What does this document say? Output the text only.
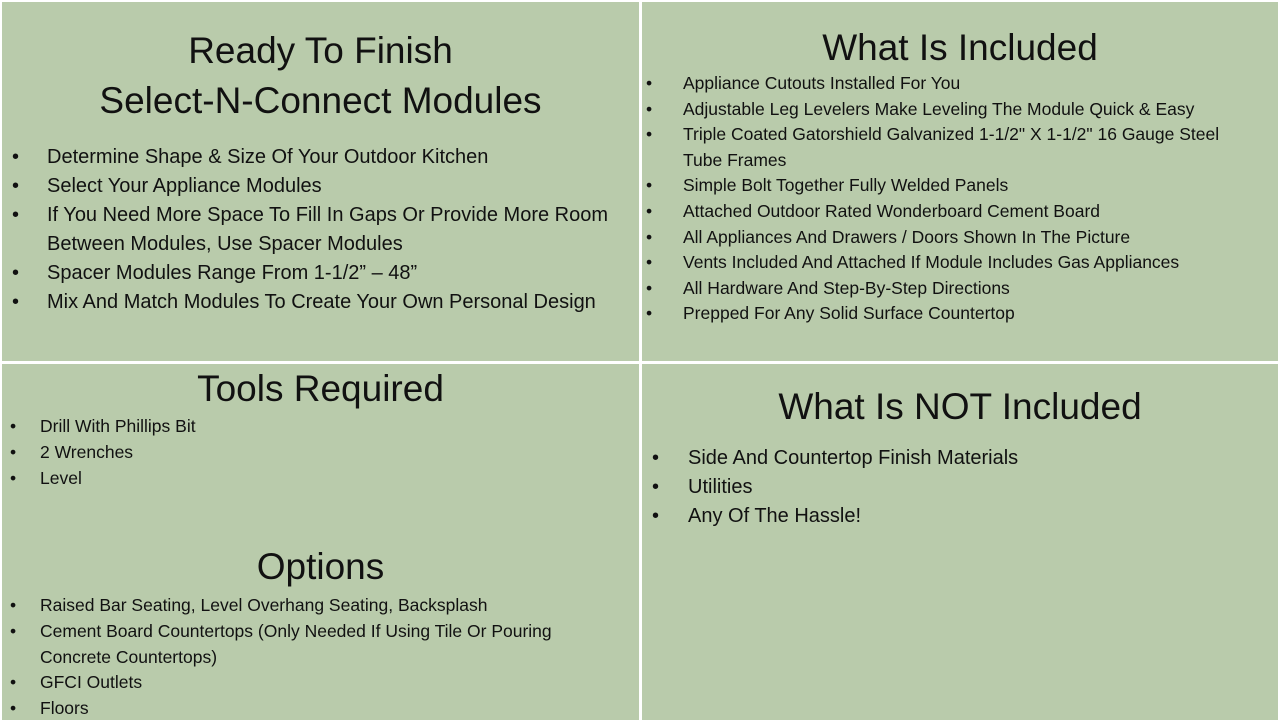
Ready To Finish
Select-N-Connect Modules
• Determine Shape & Size Of Your Outdoor Kitchen
• Select Your Appliance Modules
• If You Need More Space To Fill In Gaps Or Provide More Room Between Modules, Use Spacer Modules
• Spacer Modules Range From 1-1/2” – 48”
• Mix And Match Modules To Create Your Own Personal Design
What Is Included
• Appliance Cutouts Installed For You
• Adjustable Leg Levelers Make Leveling The Module Quick & Easy
• Triple Coated Gatorshield Galvanized 1-1/2" X 1-1/2" 16 Gauge Steel Tube Frames
• Simple Bolt Together Fully Welded Panels
• Attached Outdoor Rated Wonderboard Cement Board
• All Appliances And Drawers / Doors Shown In The Picture
• Vents Included And Attached If Module Includes Gas Appliances
• All Hardware And Step-By-Step Directions
• Prepped For Any Solid Surface Countertop
Tools Required
• Drill With Phillips Bit
• 2 Wrenches
• Level
Options
• Raised Bar Seating, Level Overhang Seating, Backsplash
• Cement Board Countertops (Only Needed If Using Tile Or Pouring Concrete Countertops)
• GFCI Outlets
• Floors
What Is NOT Included
• Side And Countertop Finish Materials
• Utilities
• Any Of The Hassle!
